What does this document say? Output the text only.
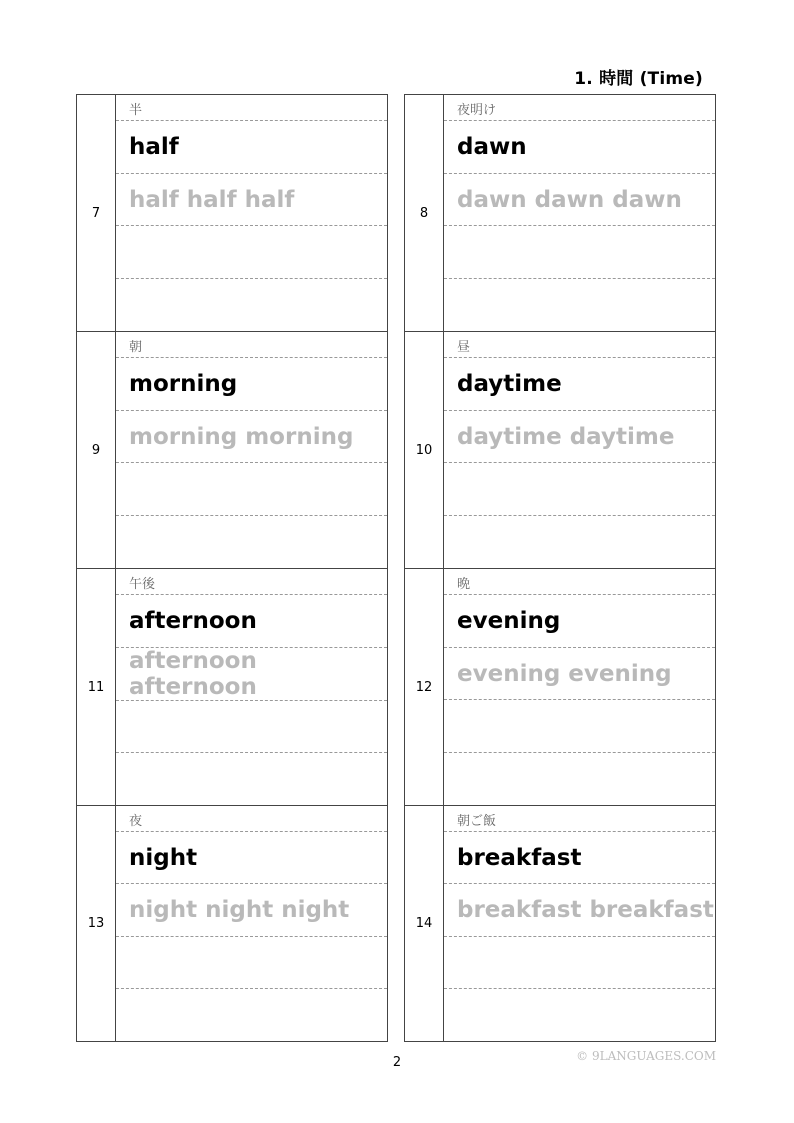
1. 時間 (Time)
7
半
half
half half half
9
朝
morning
morning morning
11
午後
afternoon
afternoon afternoon
13
夜
night
night night night
8
夜明け
dawn
dawn dawn dawn
10
昼
daytime
daytime daytime
12
晩
evening
evening evening
14
朝ご飯
breakfast
breakfast breakfast
2	© 9LANGUAGES.COM
